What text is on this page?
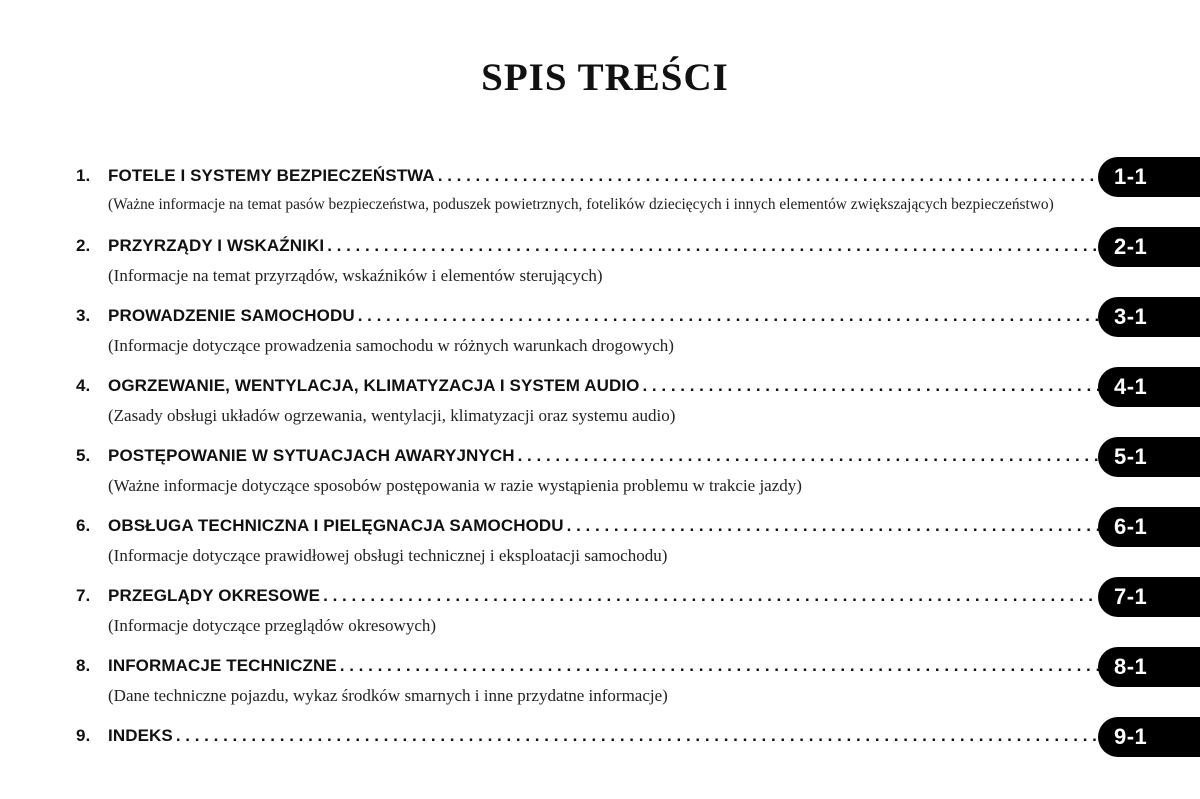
SPIS TREŚCI
1.	FOTELE I SYSTEMY BEZPIECZEŃSTWA
. . .
(Ważne informacje na temat pasów bezpieczeństwa, poduszek powietrznych, fotelików dziecięcych i innych elementów zwiększających bezpieczeństwo)
1-1
2.	PRZYRZĄDY I WSKAŹNIKI
. . .
(Informacje na temat przyrządów, wskaźników i elementów sterujących)
2-1
3.	PROWADZENIE SAMOCHODU
. . .
(Informacje dotyczące prowadzenia samochodu w różnych warunkach drogowych)
3-1
4.	OGRZEWANIE, WENTYLACJA, KLIMATYZACJA I SYSTEM AUDIO
. . .
(Zasady obsługi układów ogrzewania, wentylacji, klimatyzacji oraz systemu audio)
4-1
5.	POSTĘPOWANIE W SYTUACJACH AWARYJNYCH
. . .
(Ważne informacje dotyczące sposobów postępowania w razie wystąpienia problemu w trakcie jazdy)
5-1
6.	OBSŁUGA TECHNICZNA I PIELĘGNACJA SAMOCHODU
. . .
(Informacje dotyczące prawidłowej obsługi technicznej i eksploatacji samochodu)
6-1
7.	PRZEGLĄDY OKRESOWE
. . .
(Informacje dotyczące przeglądów okresowych)
7-1
8.	INFORMACJE TECHNICZNE
. . .
(Dane techniczne pojazdu, wykaz środków smarnych i inne przydatne informacje)
8-1
9.	INDEKS
. . .	9-1
